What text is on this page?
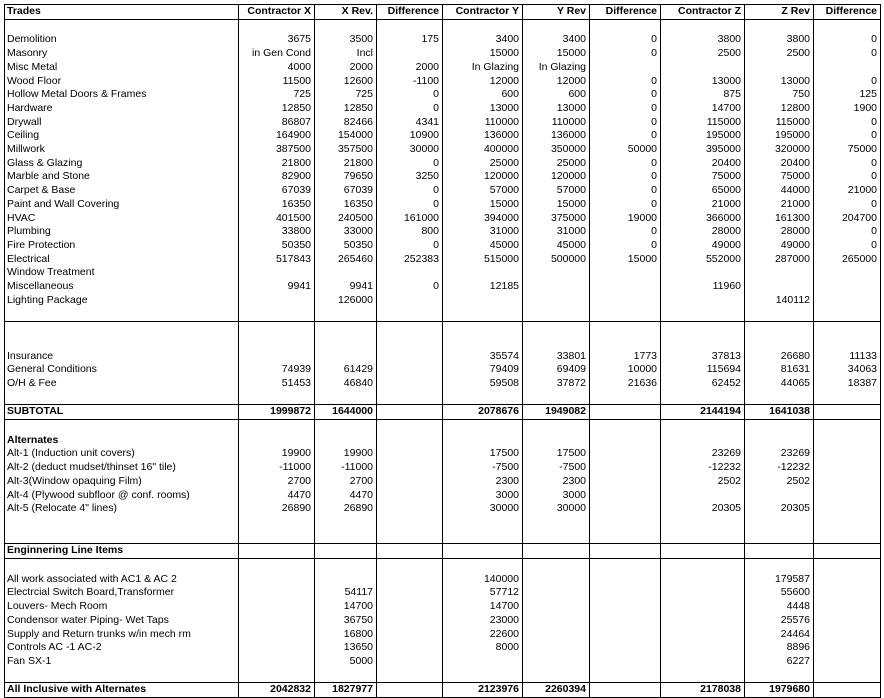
Trades	Contractor X	X Rev.	Difference	Contractor Y	Y Rev	Difference	Contractor Z	Z Rev	Difference

Demolition	3675	3500	175	3400	3400	0	3800	3800	0
Masonry	in Gen Cond	Incl		15000	15000	0	2500	2500	0
Misc Metal	4000	2000	2000	In Glazing	In Glazing				
Wood Floor	11500	12600	-1100	12000	12000	0	13000	13000	0
Hollow Metal Doors & Frames	725	725	0	600	600	0	875	750	125
Hardware	12850	12850	0	13000	13000	0	14700	12800	1900
Drywall	86807	82466	4341	110000	110000	0	115000	115000	0
Ceiling	164900	154000	10900	136000	136000	0	195000	195000	0
Millwork	387500	357500	30000	400000	350000	50000	395000	320000	75000
Glass & Glazing	21800	21800	0	25000	25000	0	20400	20400	0
Marble and Stone	82900	79650	3250	120000	120000	0	75000	75000	0
Carpet & Base	67039	67039	0	57000	57000	0	65000	44000	21000
Paint and Wall Covering	16350	16350	0	15000	15000	0	21000	21000	0
HVAC	401500	240500	161000	394000	375000	19000	366000	161300	204700
Plumbing	33800	33000	800	31000	31000	0	28000	28000	0
Fire Protection	50350	50350	0	45000	45000	0	49000	49000	0
Electrical	517843	265460	252383	515000	500000	15000	552000	287000	265000
Window Treatment									
Miscellaneous	9941	9941	0	12185			11960		
Lighting Package		126000						140112	

Insurance				35574	33801	1773	37813	26680	11133
General Conditions	74939	61429		79409	69409	10000	115694	81631	34063
O/H & Fee	51453	46840		59508	37872	21636	62452	44065	18387

SUBTOTAL	1999872	1644000		2078676	1949082		2144194	1641038	

Alternates									
Alt-1 (Induction unit covers)	19900	19900		17500	17500		23269	23269	
Alt-2 (deduct mudset/thinset 16" tile)	-11000	-11000		-7500	-7500		-12232	-12232	
Alt-3(Window opaquing Film)	2700	2700		2300	2300		2502	2502	
Alt-4 (Plywood subfloor @ conf. rooms)	4470	4470		3000	3000				
Alt-5 (Relocate 4" lines)	26890	26890		30000	30000		20305	20305	

Enginnering Line Items									

All work associated with AC1 & AC 2				140000				179587	
Electrcial Switch Board,Transformer		54117		57712				55600	
Louvers- Mech Room		14700		14700				4448	
Condensor water Piping- Wet Taps		36750		23000				25576	
Supply and Return trunks w/in mech rm		16800		22600				24464	
Controls AC -1 AC-2		13650		8000				8896	
Fan SX-1		5000						6227	

All Inclusive with Alternates	2042832	1827977		2123976	2260394		2178038	1979680	
